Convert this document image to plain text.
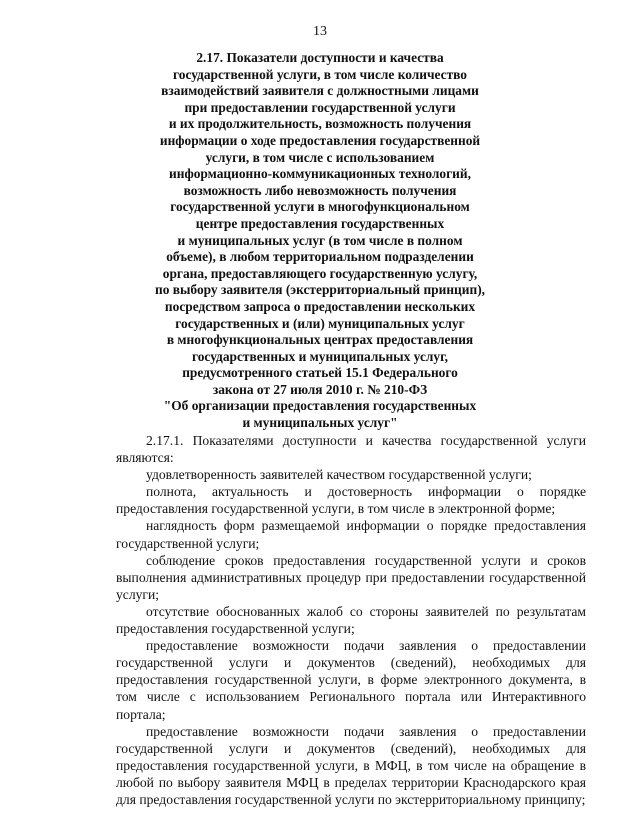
13
2.17. Показатели доступности и качества
государственной услуги, в том числе количество
взаимодействий заявителя с должностными лицами
при предоставлении государственной услуги
и их продолжительность, возможность получения
информации о ходе предоставления государственной
услуги, в том числе с использованием
информационно-коммуникационных технологий,
возможность либо невозможность получения
государственной услуги в многофункциональном
центре предоставления государственных
и муниципальных услуг (в том числе в полном
объеме), в любом территориальном подразделении
органа, предоставляющего государственную услугу,
по выбору заявителя (экстерриториальный принцип),
посредством запроса о предоставлении нескольких
государственных и (или) муниципальных услуг
в многофункциональных центрах предоставления
государственных и муниципальных услуг,
предусмотренного статьей 15.1 Федерального
закона от 27 июля 2010 г. № 210-ФЗ
"Об организации предоставления государственных
и муниципальных услуг"

2.17.1. Показателями доступности и качества государственной услуги являются:

удовлетворенность заявителей качеством государственной услуги;

полнота, актуальность и достоверность информации о порядке предоставления государственной услуги, в том числе в электронной форме;

наглядность форм размещаемой информации о порядке предоставления государственной услуги;

соблюдение сроков предоставления государственной услуги и сроков выполнения административных процедур при предоставлении государственной услуги;

отсутствие обоснованных жалоб со стороны заявителей по результатам предоставления государственной услуги;

предоставление возможности подачи заявления о предоставлении государственной услуги и документов (сведений), необходимых для предоставления государственной услуги, в форме электронного документа, в том числе с использованием Регионального портала или Интерактивного портала;

предоставление возможности подачи заявления о предоставлении государственной услуги и документов (сведений), необходимых для предоставления государственной услуги, в МФЦ, в том числе на обращение в любой по выбору заявителя МФЦ в пределах территории Краснодарского края для предоставления государственной услуги по экстерриториальному принципу;
